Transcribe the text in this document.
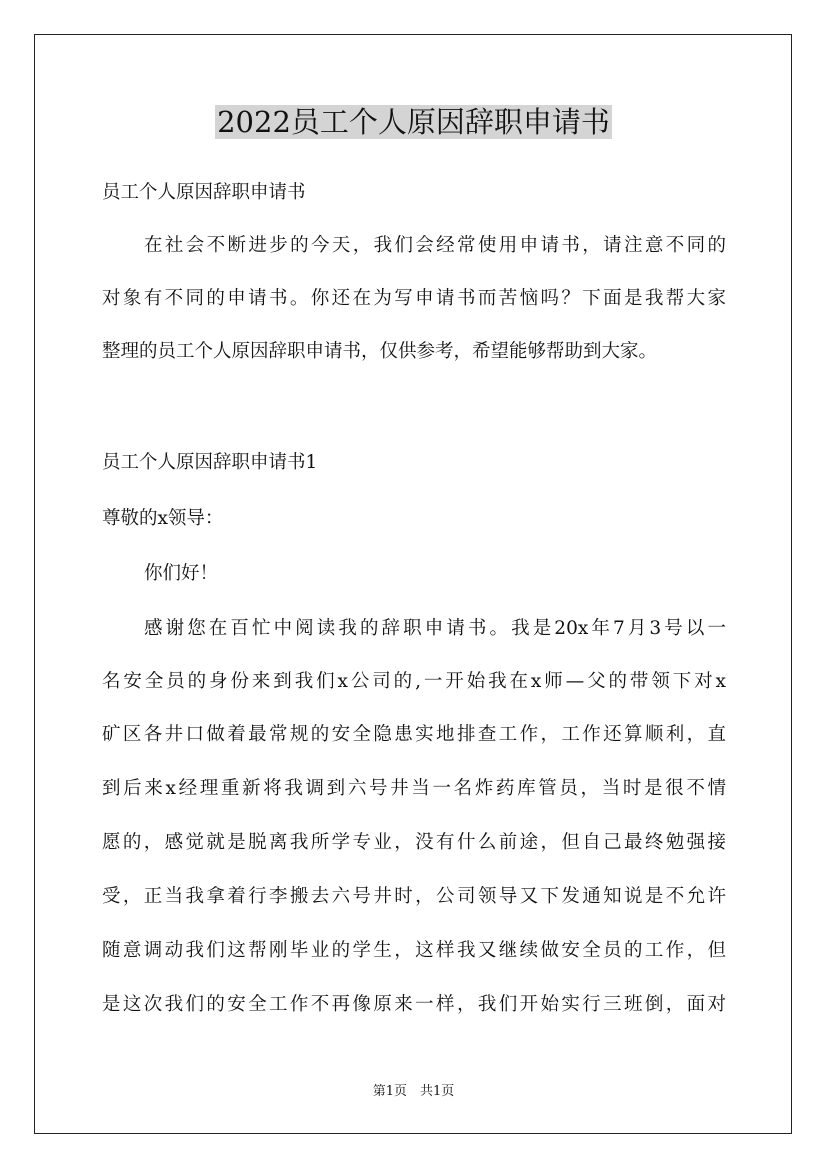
2022员工个人原因辞职申请书
员工个人原因辞职申请书
在社会不断进步的今天，我们会经常使用申请书，请注意不同的
对象有不同的申请书。你还在为写申请书而苦恼吗？下面是我帮大家
整理的员工个人原因辞职申请书，仅供参考，希望能够帮助到大家。
员工个人原因辞职申请书1
尊敬的x领导：
你们好！
感谢您在百忙中阅读我的辞职申请书。我是20x年7月3号以一
名安全员的身份来到我们x公司的,一开始我在x师—父的带领下对x
矿区各井口做着最常规的安全隐患实地排查工作，工作还算顺利，直
到后来x经理重新将我调到六号井当一名炸药库管员，当时是很不情
愿的，感觉就是脱离我所学专业，没有什么前途，但自己最终勉强接
受，正当我拿着行李搬去六号井时，公司领导又下发通知说是不允许
随意调动我们这帮刚毕业的学生，这样我又继续做安全员的工作，但
是这次我们的安全工作不再像原来一样，我们开始实行三班倒，面对
第1页　共1页
